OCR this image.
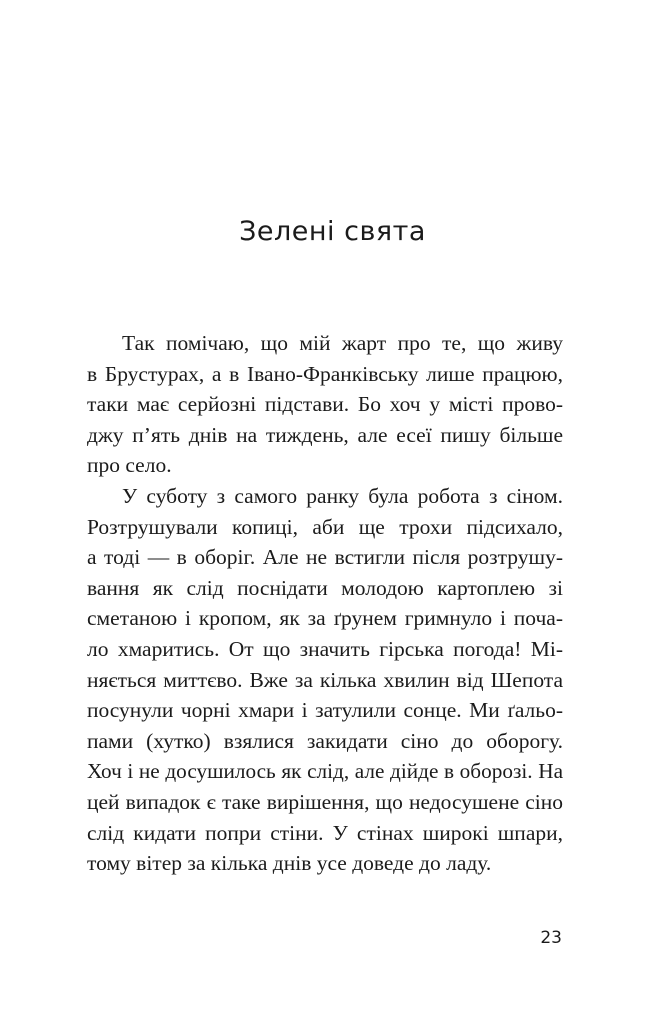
Зелені свята
Так помічаю, що мій жарт про те, що живу
в Брустурах, а в Івано-Франківську лише працюю,
таки має серйозні підстави. Бо хоч у місті прово-
джу п’ять днів на тиждень, але есеї пишу більше
про село.
У суботу з самого ранку була робота з сіном.
Розтрушували копиці, аби ще трохи підсихало,
а тоді — в оборіг. Але не встигли після розтрушу-
вання як слід поснідати молодою картоплею зі
сметаною і кропом, як за ґрунем гримнуло і поча-
ло хмаритись. От що значить гірська погода! Мі-
няється миттєво. Вже за кілька хвилин від Шепота
посунули чорні хмари і затулили сонце. Ми ґальо-
пами (хутко) взялися закидати сіно до оборогу.
Хоч і не досушилось як слід, але дійде в оборозі. На
цей випадок є таке вирішення, що недосушене сіно
слід кидати попри стіни. У стінах широкі шпари,
тому вітер за кілька днів усе доведе до ладу.
23
